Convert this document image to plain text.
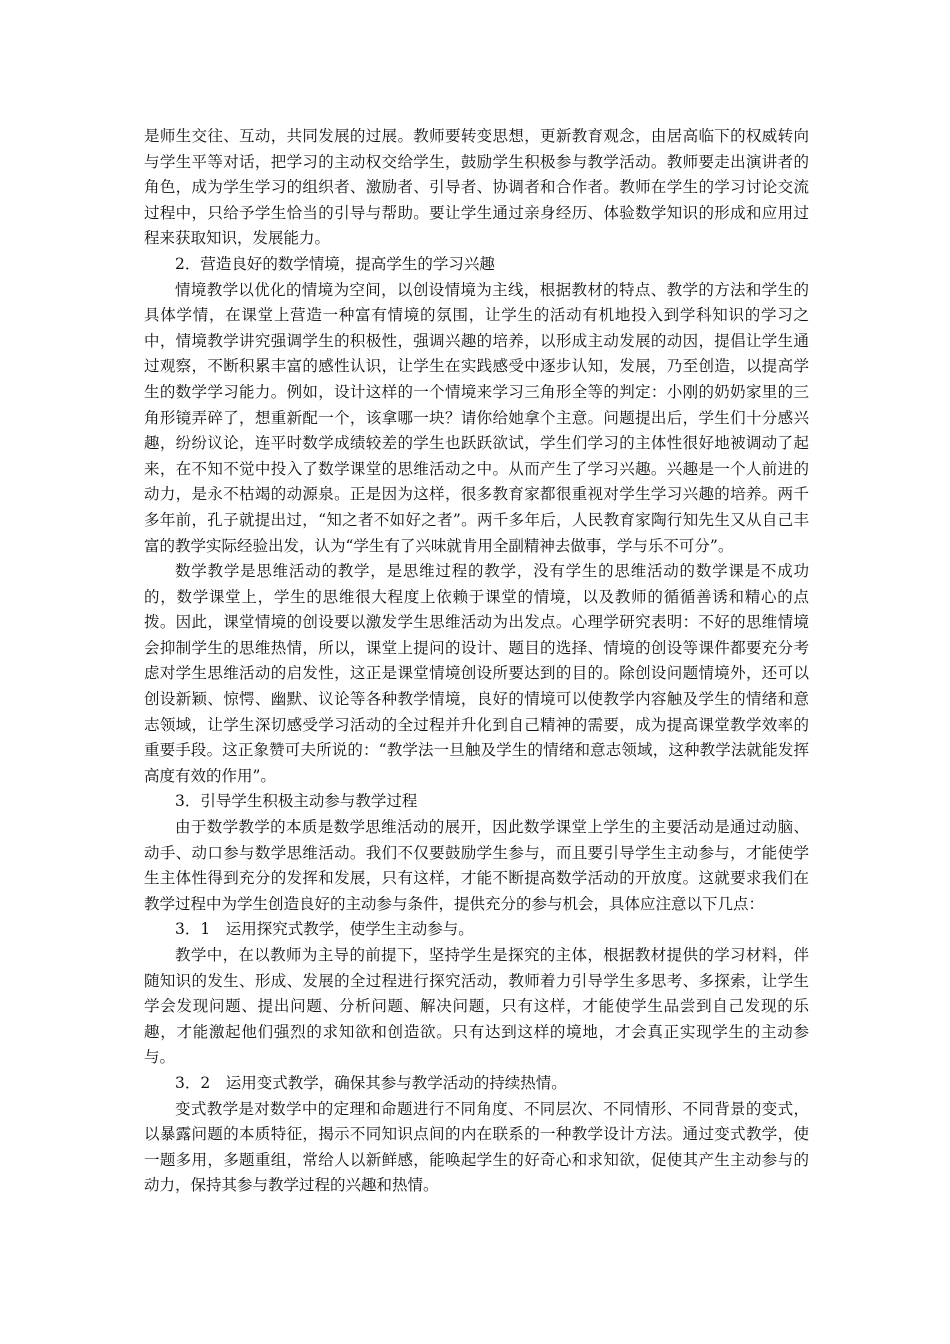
是师生交往、互动，共同发展的过展。教师要转变思想，更新教育观念，由居高临下的权威转向与学生平等对话，把学习的主动权交给学生，鼓励学生积极参与教学活动。教师要走出演讲者的角色，成为学生学习的组织者、激励者、引导者、协调者和合作者。教师在学生的学习讨论交流过程中，只给予学生恰当的引导与帮助。要让学生通过亲身经历、体验数学知识的形成和应用过程来获取知识，发展能力。

2．营造良好的数学情境，提高学生的学习兴趣

情境教学以优化的情境为空间，以创设情境为主线，根据教材的特点、教学的方法和学生的具体学情，在课堂上营造一种富有情境的氛围，让学生的活动有机地投入到学科知识的学习之中，情境教学讲究强调学生的积极性，强调兴趣的培养，以形成主动发展的动因，提倡让学生通过观察，不断积累丰富的感性认识，让学生在实践感受中逐步认知，发展，乃至创造，以提高学生的数学学习能力。例如，设计这样的一个情境来学习三角形全等的判定：小刚的奶奶家里的三角形镜弄碎了，想重新配一个，该拿哪一块？请你给她拿个主意。问题提出后，学生们十分感兴趣，纷纷议论，连平时数学成绩较差的学生也跃跃欲试，学生们学习的主体性很好地被调动了起来，在不知不觉中投入了数学课堂的思维活动之中。从而产生了学习兴趣。兴趣是一个人前进的动力，是永不枯竭的动源泉。正是因为这样，很多教育家都很重视对学生学习兴趣的培养。两千多年前，孔子就提出过，“知之者不如好之者”。两千多年后，人民教育家陶行知先生又从自己丰富的教学实际经验出发，认为“学生有了兴味就肯用全副精神去做事，学与乐不可分”。

数学教学是思维活动的教学，是思维过程的教学，没有学生的思维活动的数学课是不成功的，数学课堂上，学生的思维很大程度上依赖于课堂的情境，以及教师的循循善诱和精心的点拨。因此，课堂情境的创设要以激发学生思维活动为出发点。心理学研究表明：不好的思维情境会抑制学生的思维热情，所以，课堂上提问的设计、题目的选择、情境的创设等课件都要充分考虑对学生思维活动的启发性，这正是课堂情境创设所要达到的目的。除创设问题情境外，还可以创设新颖、惊愕、幽默、议论等各种教学情境，良好的情境可以使教学内容触及学生的情绪和意志领域，让学生深切感受学习活动的全过程并升化到自己精神的需要，成为提高课堂教学效率的重要手段。这正象赞可夫所说的：“教学法一旦触及学生的情绪和意志领域，这种教学法就能发挥高度有效的作用”。

3．引导学生积极主动参与教学过程

由于数学教学的本质是数学思维活动的展开，因此数学课堂上学生的主要活动是通过动脑、动手、动口参与数学思维活动。我们不仅要鼓励学生参与，而且要引导学生主动参与，才能使学生主体性得到充分的发挥和发展，只有这样，才能不断提高数学活动的开放度。这就要求我们在教学过程中为学生创造良好的主动参与条件，提供充分的参与机会，具体应注意以下几点：

3．1　运用探究式教学，使学生主动参与。

教学中，在以教师为主导的前提下，坚持学生是探究的主体，根据教材提供的学习材料，伴随知识的发生、形成、发展的全过程进行探究活动，教师着力引导学生多思考、多探索，让学生学会发现问题、提出问题、分析问题、解决问题，只有这样，才能使学生品尝到自己发现的乐趣，才能激起他们强烈的求知欲和创造欲。只有达到这样的境地，才会真正实现学生的主动参与。

3．2　运用变式教学，确保其参与教学活动的持续热情。

变式教学是对数学中的定理和命题进行不同角度、不同层次、不同情形、不同背景的变式，以暴露问题的本质特征，揭示不同知识点间的内在联系的一种教学设计方法。通过变式教学，使一题多用，多题重组，常给人以新鲜感，能唤起学生的好奇心和求知欲，促使其产生主动参与的动力，保持其参与教学过程的兴趣和热情。
